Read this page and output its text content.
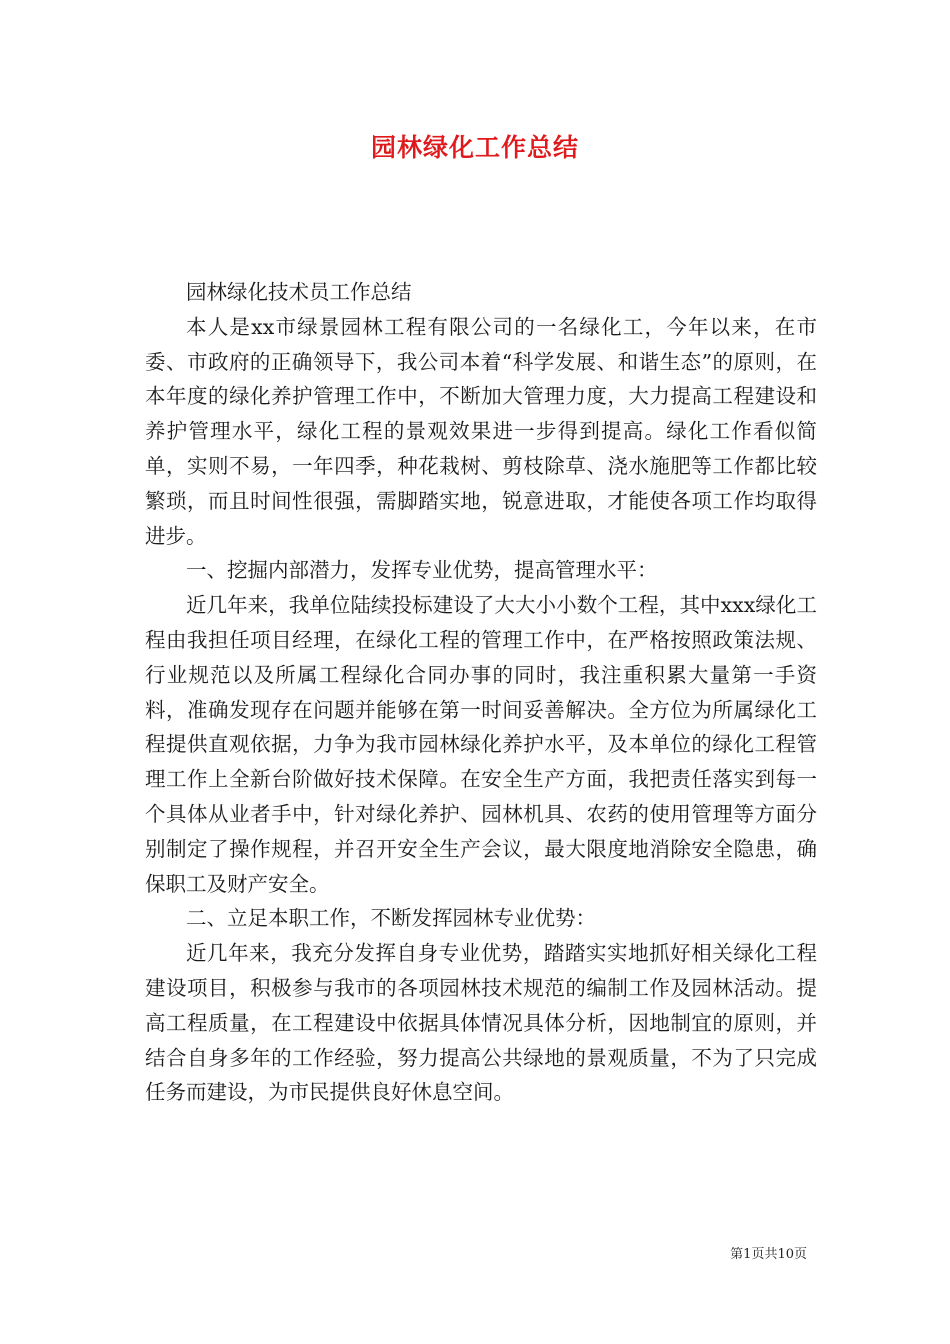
园林绿化工作总结

园林绿化技术员工作总结

本人是xx市绿景园林工程有限公司的一名绿化工，今年以来，在市委、市政府的正确领导下，我公司本着“科学发展、和谐生态”的原则，在本年度的绿化养护管理工作中，不断加大管理力度，大力提高工程建设和养护管理水平，绿化工程的景观效果进一步得到提高。绿化工作看似简单，实则不易，一年四季，种花栽树、剪枝除草、浇水施肥等工作都比较繁琐，而且时间性很强，需脚踏实地，锐意进取，才能使各项工作均取得进步。

一、挖掘内部潜力，发挥专业优势，提高管理水平：

近几年来，我单位陆续投标建设了大大小小数个工程，其中xxx绿化工程由我担任项目经理，在绿化工程的管理工作中，在严格按照政策法规、行业规范以及所属工程绿化合同办事的同时，我注重积累大量第一手资料，准确发现存在问题并能够在第一时间妥善解决。全方位为所属绿化工程提供直观依据，力争为我市园林绿化养护水平，及本单位的绿化工程管理工作上全新台阶做好技术保障。在安全生产方面，我把责任落实到每一个具体从业者手中，针对绿化养护、园林机具、农药的使用管理等方面分别制定了操作规程，并召开安全生产会议，最大限度地消除安全隐患，确保职工及财产安全。

二、立足本职工作，不断发挥园林专业优势：

近几年来，我充分发挥自身专业优势，踏踏实实地抓好相关绿化工程建设项目，积极参与我市的各项园林技术规范的编制工作及园林活动。提高工程质量，在工程建设中依据具体情况具体分析，因地制宜的原则，并结合自身多年的工作经验，努力提高公共绿地的景观质量，不为了只完成任务而建设，为市民提供良好休息空间。

第1页共10页
